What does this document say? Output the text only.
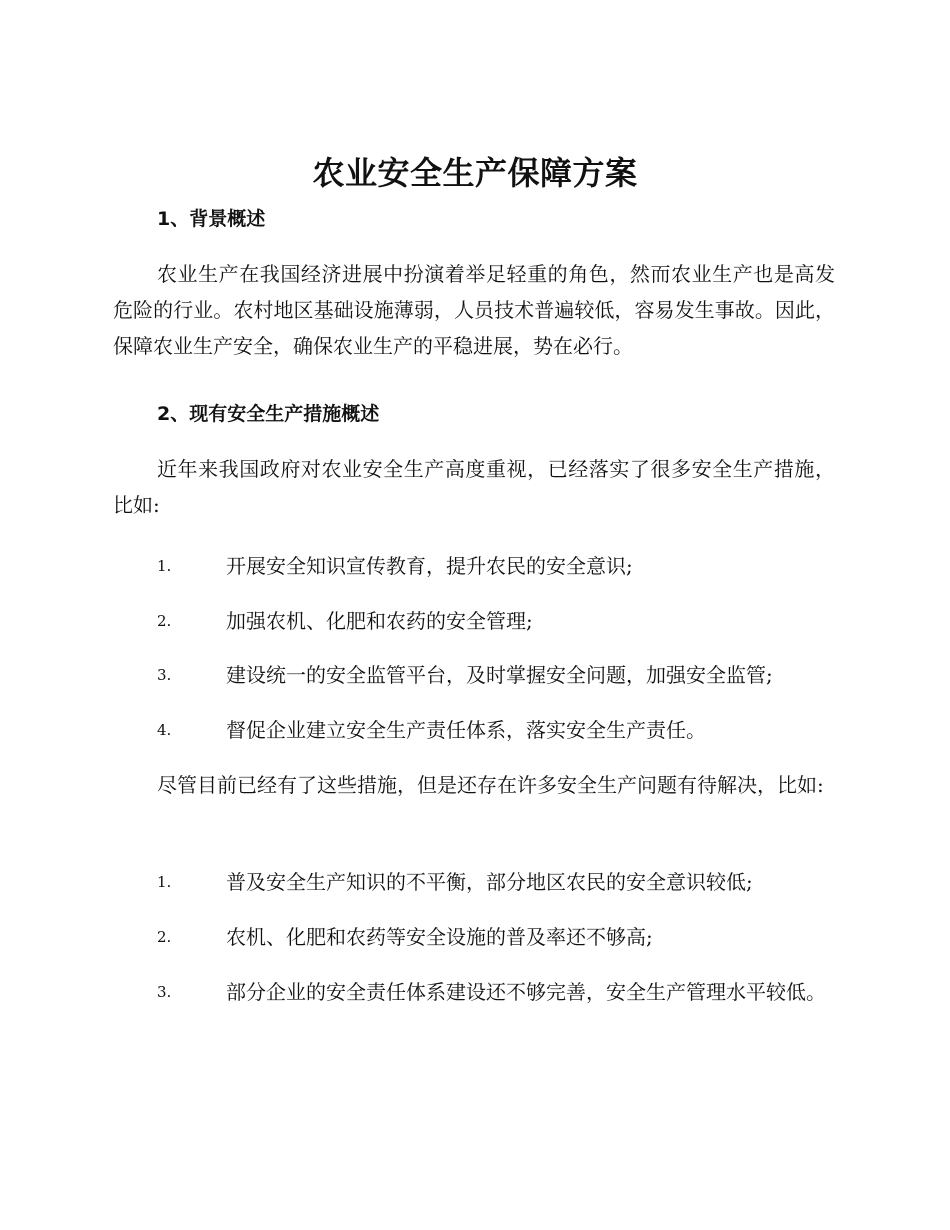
农业安全生产保障方案
1、背景概述

农业生产在我国经济进展中扮演着举足轻重的角色，然而农业生产也是高发危险的行业。农村地区基础设施薄弱，人员技术普遍较低，容易发生事故。因此，保障农业生产安全，确保农业生产的平稳进展，势在必行。

2、现有安全生产措施概述

近年来我国政府对农业安全生产高度重视，已经落实了很多安全生产措施，比如:

1.	开展安全知识宣传教育，提升农民的安全意识;
2.	加强农机、化肥和农药的安全管理;
3.	建设统一的安全监管平台，及时掌握安全问题，加强安全监管;
4.	督促企业建立安全生产责任体系，落实安全生产责任。

尽管目前已经有了这些措施，但是还存在许多安全生产问题有待解决，比如:

1.	普及安全生产知识的不平衡，部分地区农民的安全意识较低;
2.	农机、化肥和农药等安全设施的普及率还不够高;
3.	部分企业的安全责任体系建设还不够完善，安全生产管理水平较低。
